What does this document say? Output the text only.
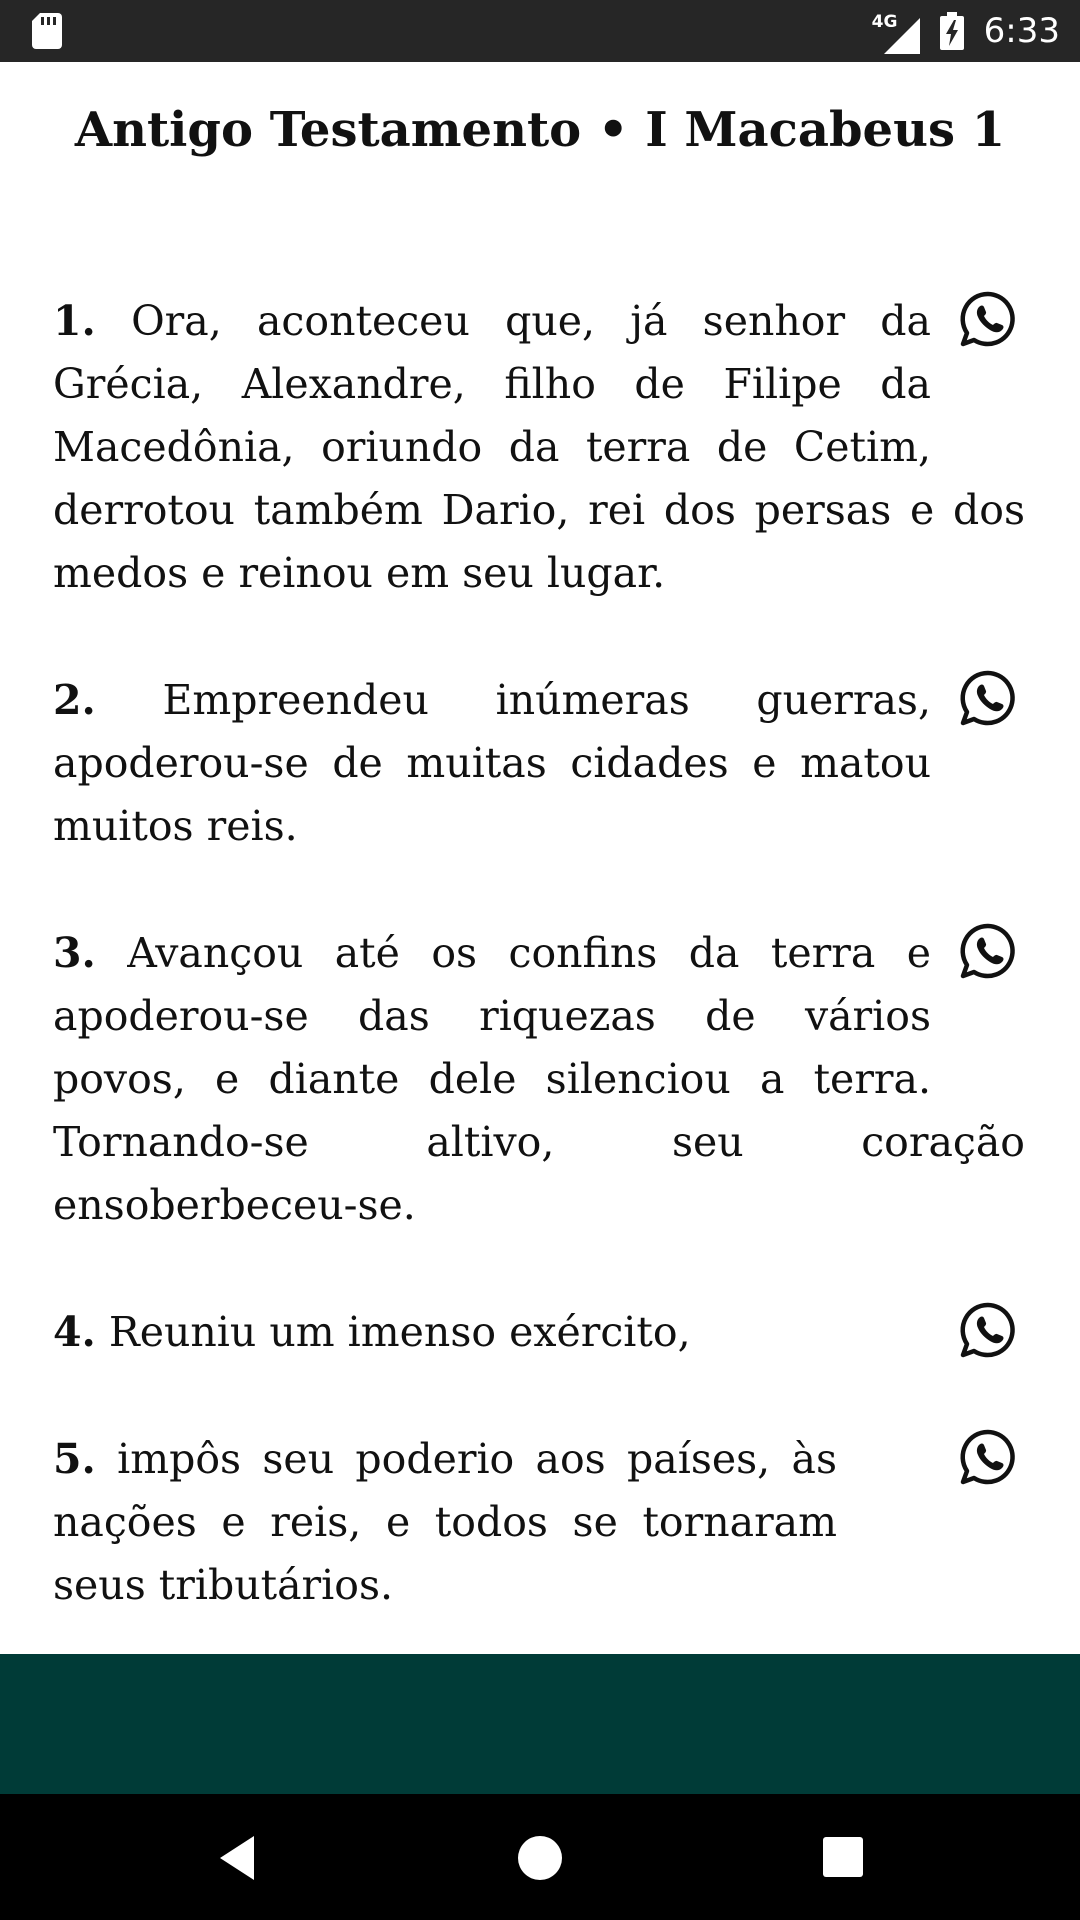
4G	6:33
Antigo Testamento • I Macabeus 1

1. Ora, aconteceu que, já senhor da Grécia, Alexandre, filho de Filipe da Macedônia, oriundo da terra de Cetim, derrotou também Dario, rei dos persas e dos medos e reinou em seu lugar.

2. Empreendeu inúmeras guerras, apoderou-se de muitas cidades e matou muitos reis.

3. Avançou até os confins da terra e apoderou-se das riquezas de vários povos, e diante dele silenciou a terra. Tornando-se altivo, seu coração ensoberbeceu-se.

4. Reuniu um imenso exército,

5. impôs seu poderio aos países, às nações e reis, e todos se tornaram seus tributários.
